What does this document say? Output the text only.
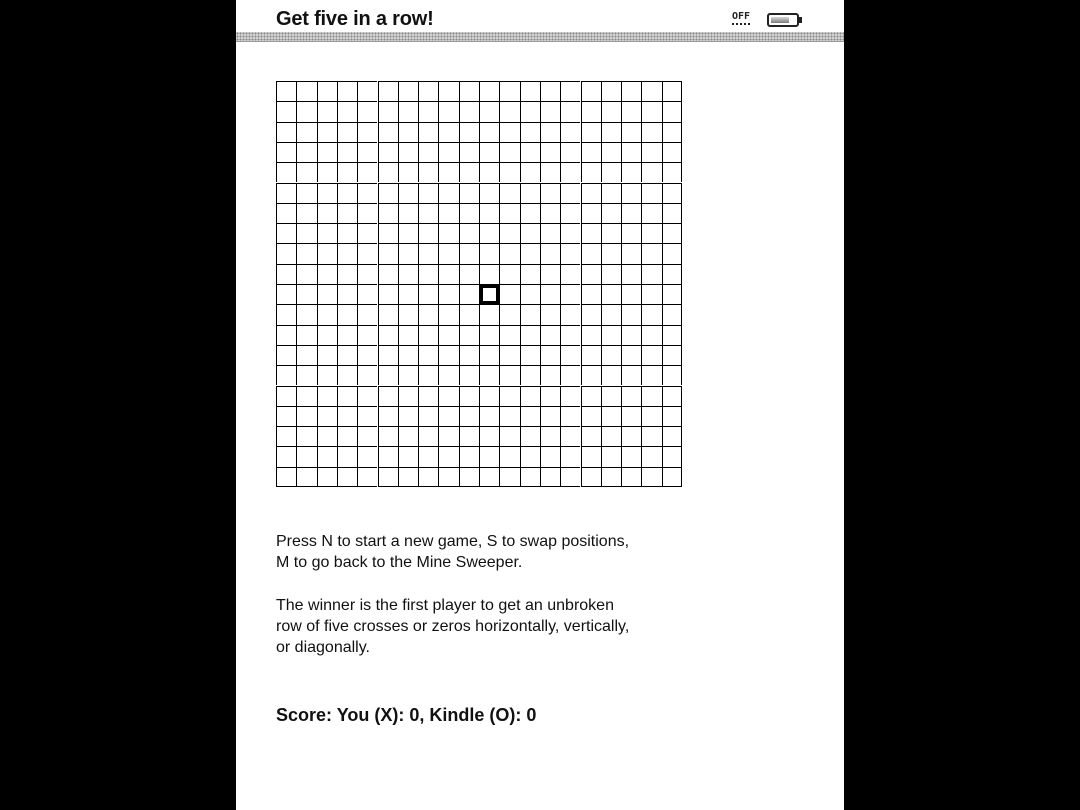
Get five in a row!	OFF

Press N to start a new game, S to swap positions,
M to go back to the Mine Sweeper.

The winner is the first player to get an unbroken
row of five crosses or zeros horizontally, vertically,
or diagonally.

Score: You (X): 0, Kindle (O): 0
